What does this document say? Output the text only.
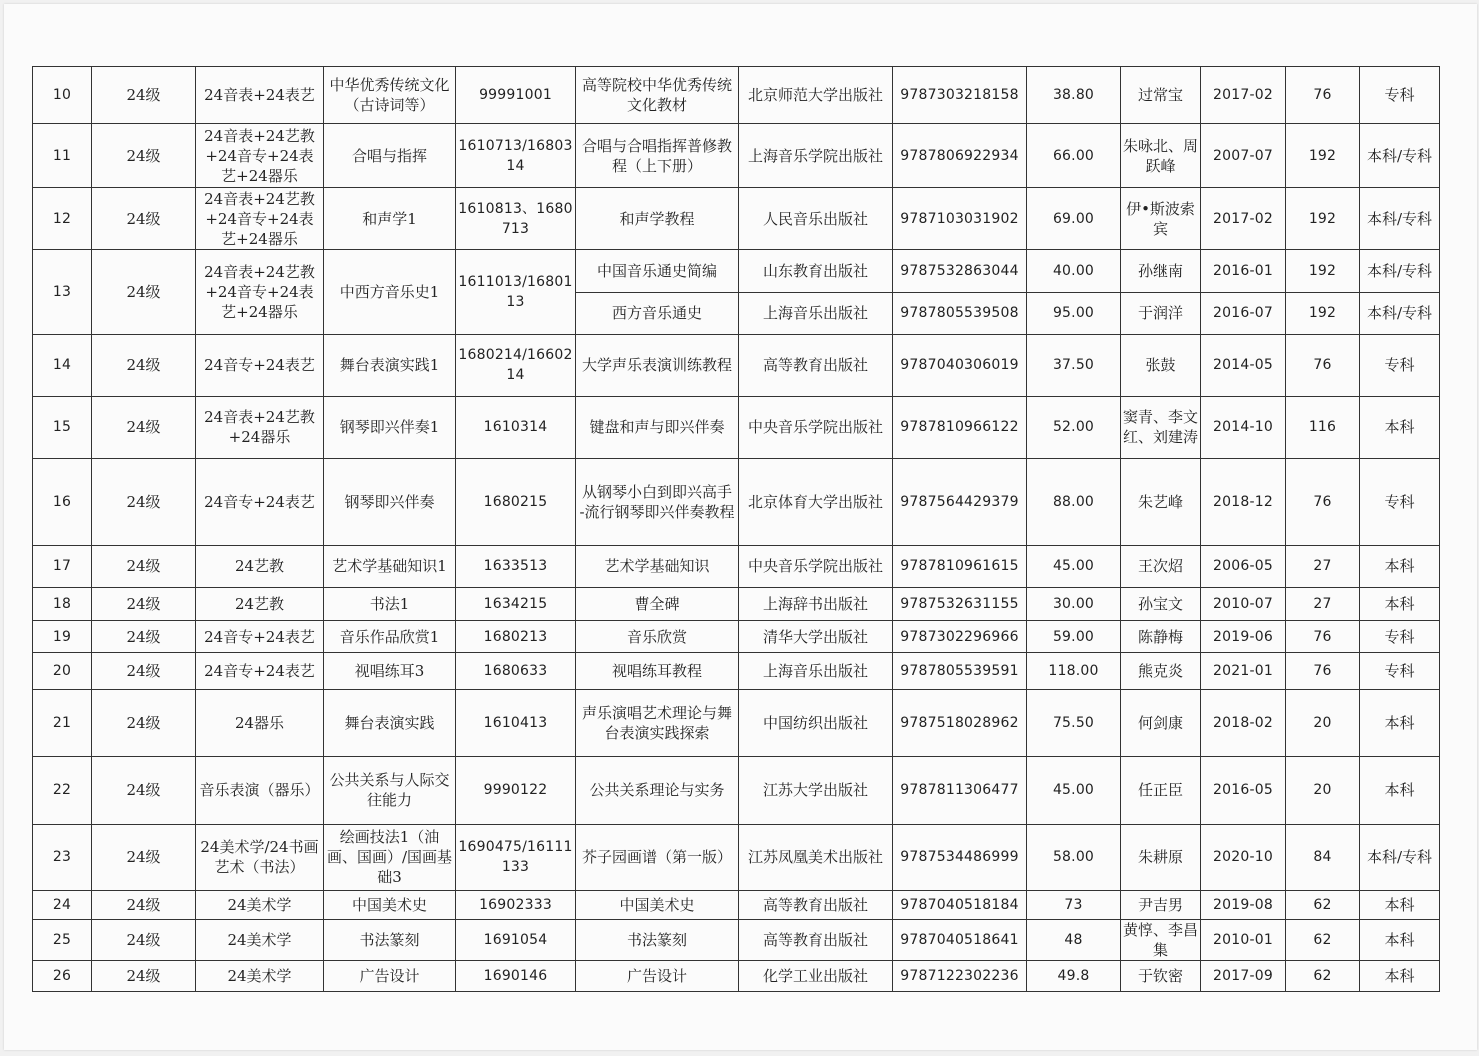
10	24级	24音表+24表艺	中华优秀传统文化（古诗词等）	99991001	高等院校中华优秀传统文化教材	北京师范大学出版社	9787303218158	38.80	过常宝	2017-02	76	专科
11	24级	24音表+24艺教+24音专+24表艺+24器乐	合唱与指挥	1610713/1680314	合唱与合唱指挥普修教程（上下册）	上海音乐学院出版社	9787806922934	66.00	朱咏北、周跃峰	2007-07	192	本科/专科
12	24级	24音表+24艺教+24音专+24表艺+24器乐	和声学1	1610813、1680713	和声学教程	人民音乐出版社	9787103031902	69.00	伊•斯波索宾	2017-02	192	本科/专科
13	24级	24音表+24艺教+24音专+24表艺+24器乐	中西方音乐史1	1611013/1680113	中国音乐通史简编	山东教育出版社	9787532863044	40.00	孙继南	2016-01	192	本科/专科
					西方音乐通史	上海音乐出版社	9787805539508	95.00	于润洋	2016-07	192	本科/专科
14	24级	24音专+24表艺	舞台表演实践1	1680214/1660214	大学声乐表演训练教程	高等教育出版社	9787040306019	37.50	张鼓	2014-05	76	专科
15	24级	24音表+24艺教+24器乐	钢琴即兴伴奏1	1610314	键盘和声与即兴伴奏	中央音乐学院出版社	9787810966122	52.00	窦青、李文红、刘建涛	2014-10	116	本科
16	24级	24音专+24表艺	钢琴即兴伴奏	1680215	从钢琴小白到即兴高手 -流行钢琴即兴伴奏教程	北京体育大学出版社	9787564429379	88.00	朱艺峰	2018-12	76	专科
17	24级	24艺教	艺术学基础知识1	1633513	艺术学基础知识	中央音乐学院出版社	9787810961615	45.00	王次炤	2006-05	27	本科
18	24级	24艺教	书法1	1634215	曹全碑	上海辞书出版社	9787532631155	30.00	孙宝文	2010-07	27	本科
19	24级	24音专+24表艺	音乐作品欣赏1	1680213	音乐欣赏	清华大学出版社	9787302296966	59.00	陈静梅	2019-06	76	专科
20	24级	24音专+24表艺	视唱练耳3	1680633	视唱练耳教程	上海音乐出版社	9787805539591	118.00	熊克炎	2021-01	76	专科
21	24级	24器乐	舞台表演实践	1610413	声乐演唱艺术理论与舞台表演实践探索	中国纺织出版社	9787518028962	75.50	何剑康	2018-02	20	本科
22	24级	音乐表演（器乐）	公共关系与人际交往能力	9990122	公共关系理论与实务	江苏大学出版社	9787811306477	45.00	任正臣	2016-05	20	本科
23	24级	24美术学/24书画艺术（书法）	绘画技法1（油画、国画）/国画基础3	1690475/16111133	芥子园画谱（第一版）	江苏凤凰美术出版社	9787534486999	58.00	朱耕原	2020-10	84	本科/专科
24	24级	24美术学	中国美术史	16902333	中国美术史	高等教育出版社	9787040518184	73	尹吉男	2019-08	62	本科
25	24级	24美术学	书法篆刻	1691054	书法篆刻	高等教育出版社	9787040518641	48	黄惇、李昌集	2010-01	62	本科
26	24级	24美术学	广告设计	1690146	广告设计	化学工业出版社	9787122302236	49.8	于钦密	2017-09	62	本科
